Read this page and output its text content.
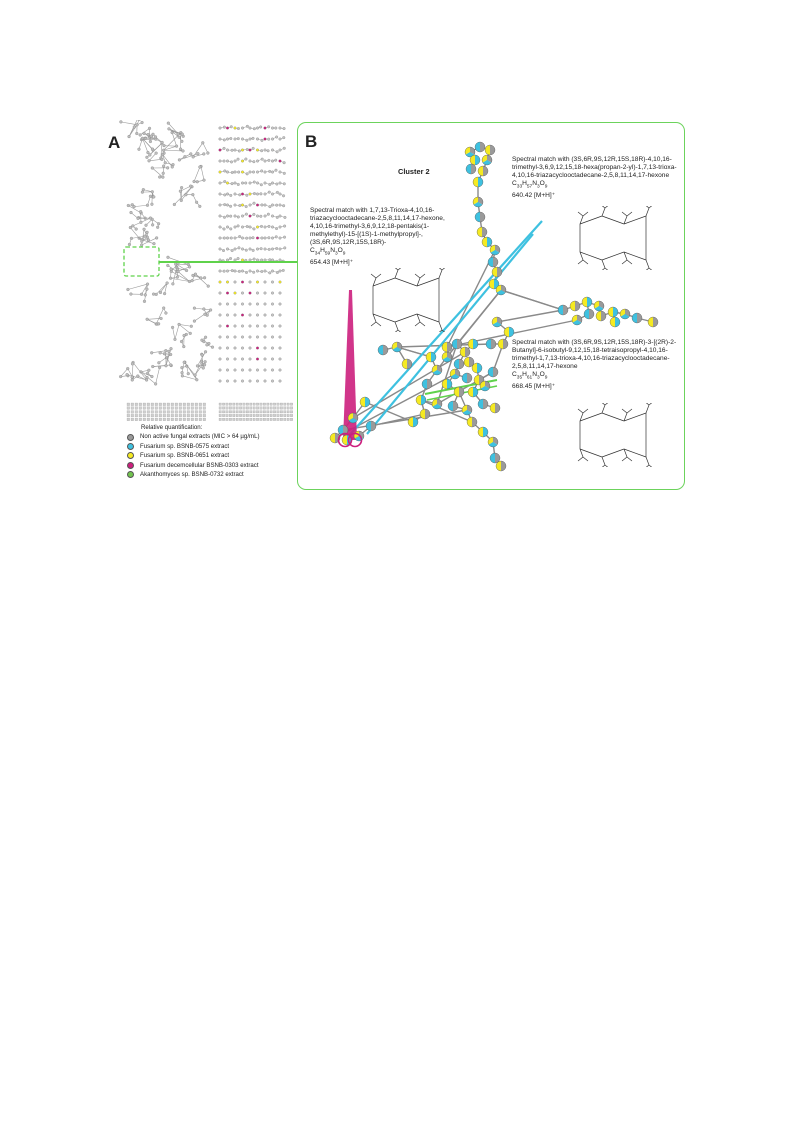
A	B
Relative quantification:
Non active fungal extracts (MIC > 64 µg/mL)
Fusarium sp. BSNB-0575 extract
Fusarium sp. BSNB-0651 extract
Fusarium decemcellular BSNB-0303 extract
Akanthomyces sp. BSNB-0732 extract
Cluster 2

Spectral match with (3S,6R,9S,12R,15S,18R)-4,10,16-trimethyl-3,6,9,12,15,18-hexa(propan-2-yl)-1,7,13-trioxa-4,10,16-triazacyclooctadecane-2,5,8,11,14,17-hexone

$C_{33}H_{57}N_3O_9$

640.42 [M+H]⁺

Spectral match with 1,7,13-Trioxa-4,10,16-triazacyclooctadecane-2,5,8,11,14,17-hexone, 4,10,16-trimethyl-3,6,9,12,18-pentakis(1-methylethyl)-15-[(1S)-1-methylpropyl]-, (3S,6R,9S,12R,15S,18R)-

$C_{34}H_{59}N_3O_9$

654.43 [M+H]⁺

Spectral match with (3S,6R,9S,12R,15S,18R)-3-[(2R)-2-Butanyl]-6-isobutyl-9,12,15,18-tetraisopropyl-4,10,16-trimethyl-1,7,13-trioxa-4,10,16-triazacyclooctadecane-2,5,8,11,14,17-hexone

$C_{35}H_{61}N_3O_9$

668.45 [M+H]⁺
